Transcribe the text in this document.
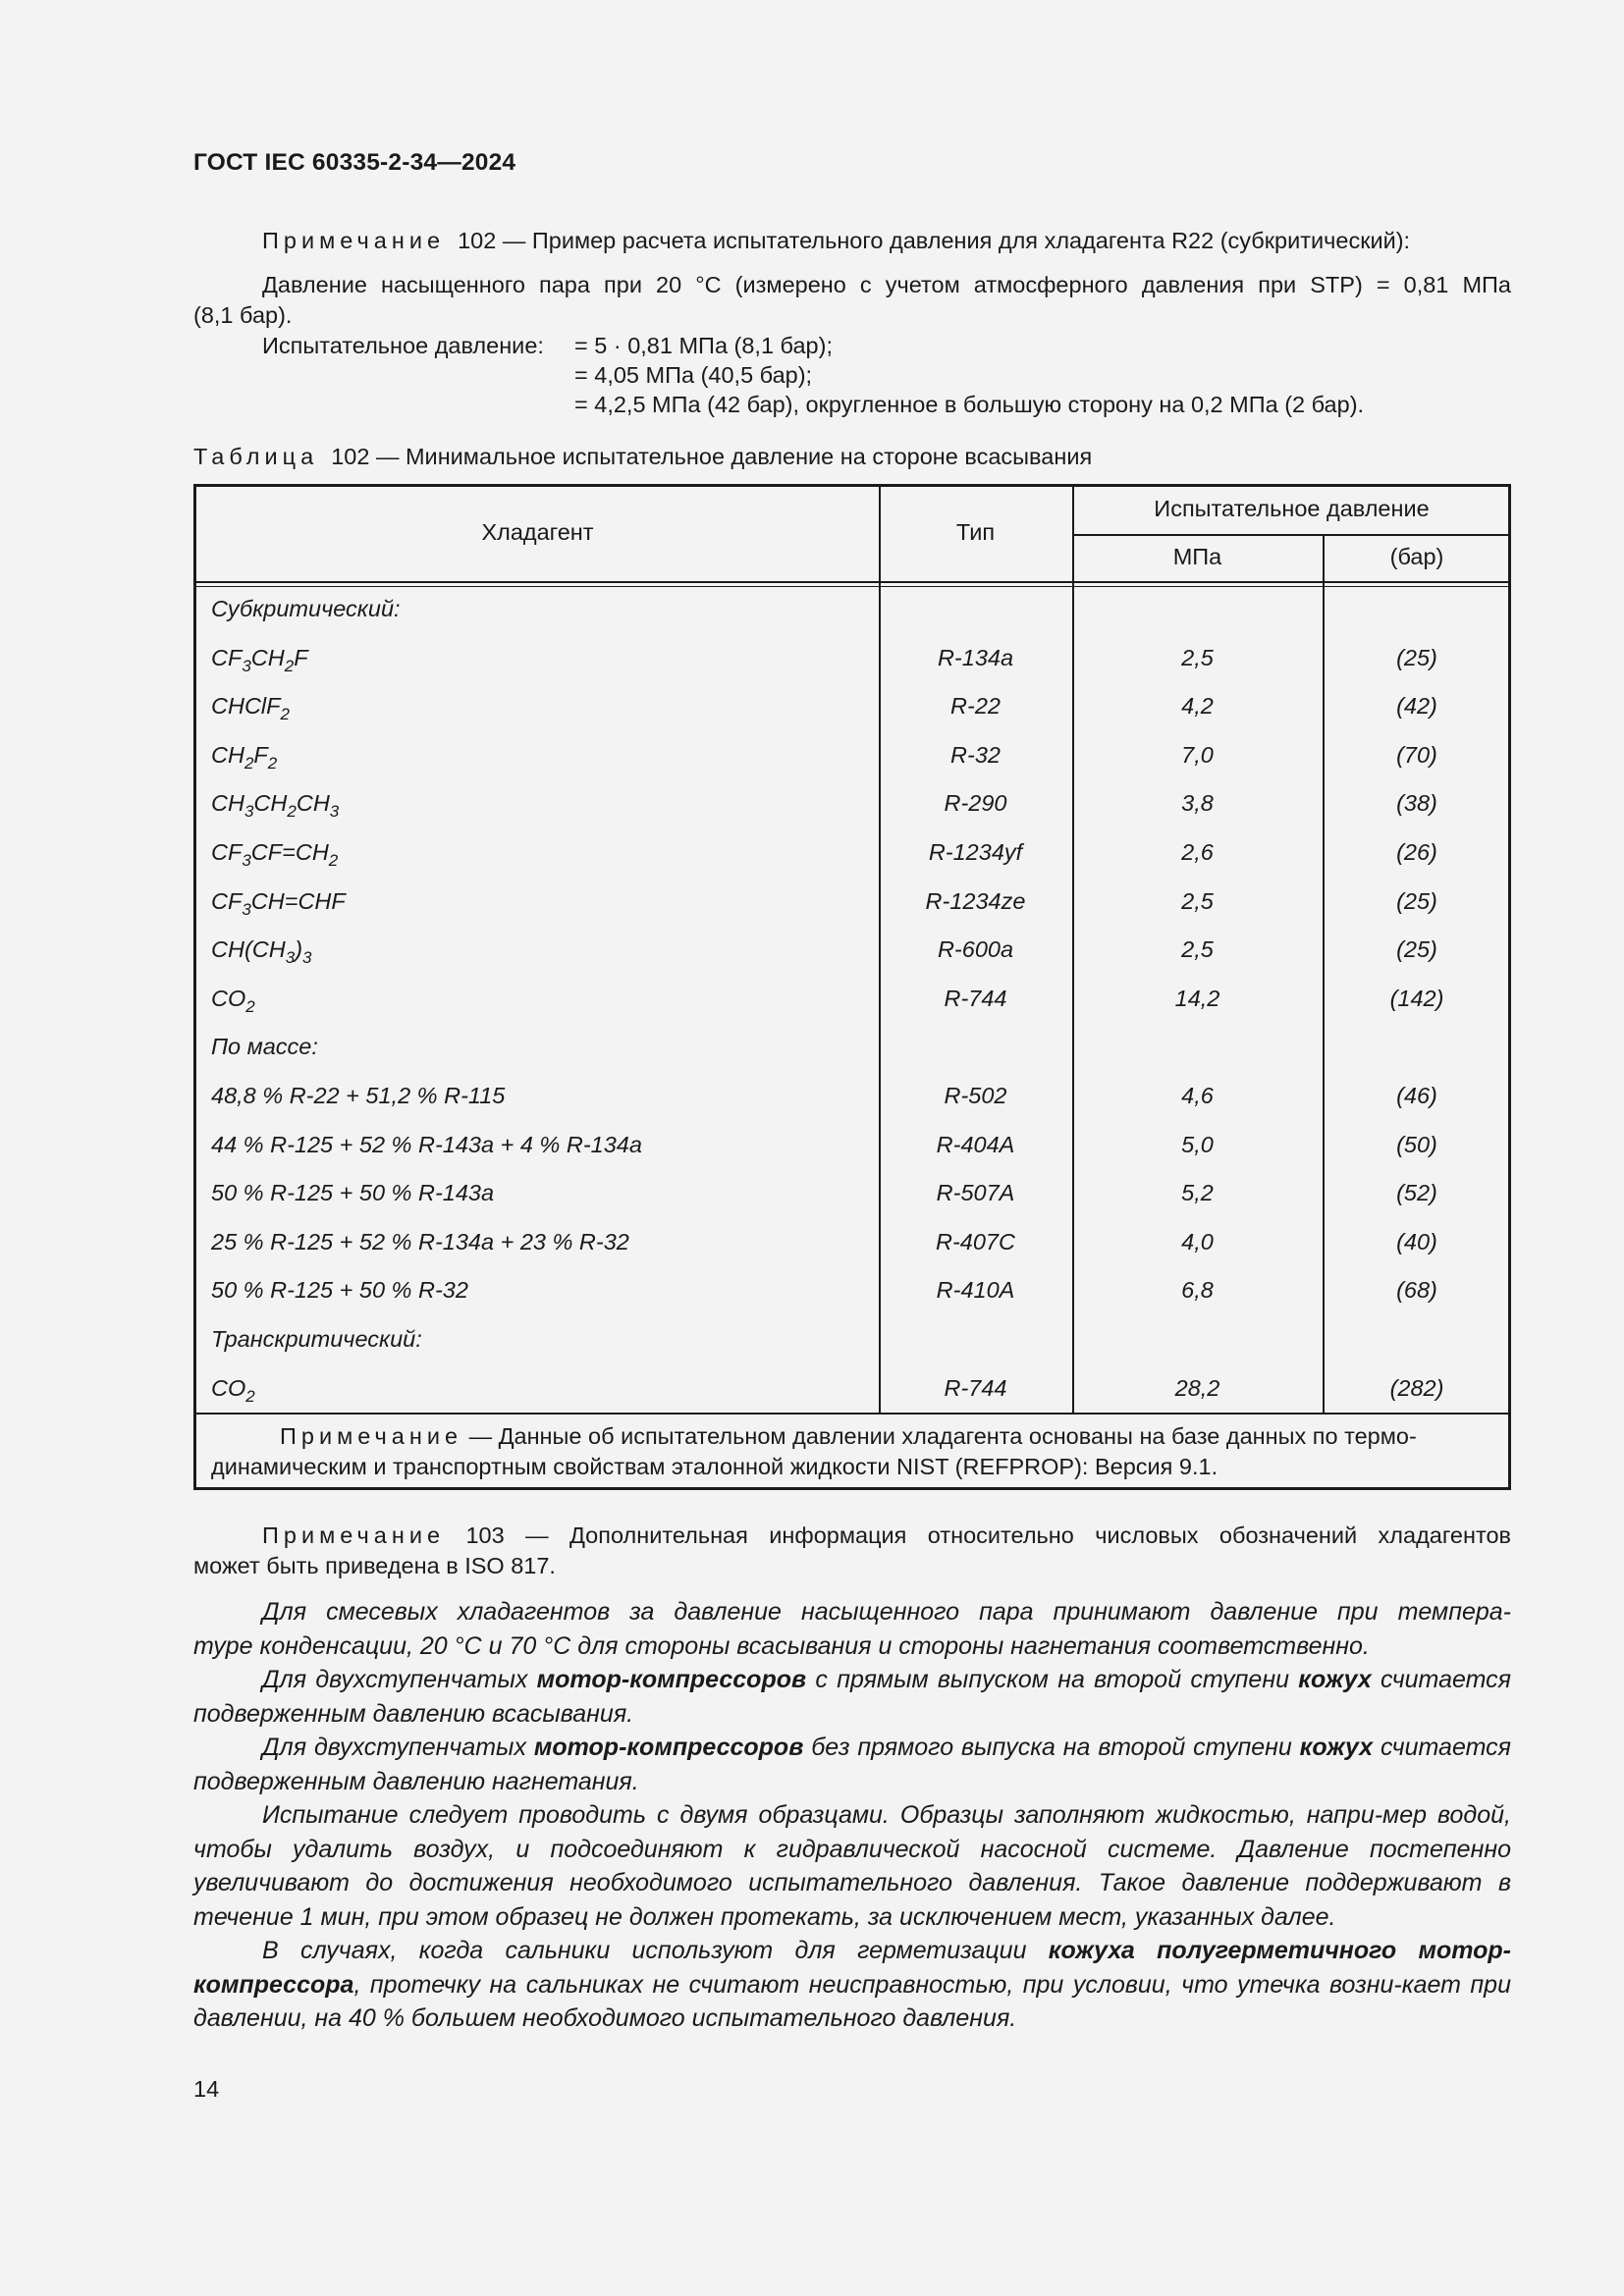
ГОСТ IEC 60335-2-34—2024
Примечание 102 — Пример расчета испытательного давления для хладагента R22 (субкритический):
Давление насыщенного пара при 20 °С (измерено с учетом атмосферного давления при STP) = 0,81 МПа
(8,1 бар).
Испытательное давление: = 5 · 0,81 МПа (8,1 бар);
= 4,05 МПа (40,5 бар);
= 4,2,5 МПа (42 бар), округленное в большую сторону на 0,2 МПа (2 бар).
Таблица 102 — Минимальное испытательное давление на стороне всасывания
Хладагент	Тип
Испытательное давление
МПа	(бар)
Субкритический:
$CF_3CH_2F$	R-134a	2,5	(25)
CHClF$_2$	R-22	4,2	(42)
$CH_2F_2$	R-32	7,0	(70)
$CH_3CH_2CH_3$	R-290	3,8	(38)
$CF_3CF=CH_2$	R-1234yf	2,6	(26)
$CF_3CH=CHF$	R-1234ze	2,5	(25)
$CH(CH_3)_3$	R-600a	2,5	(25)
$CO_2$	R-744	14,2	(142)
По массе:
48,8 % R-22 + 51,2 % R-115	R-502	4,6	(46)
44 % R-125 + 52 % R-143a + 4 % R-134a	R-404A	5,0	(50)
50 % R-125 + 50 % R-143a	R-507A	5,2	(52)
25 % R-125 + 52 % R-134a + 23 % R-32	R-407C	4,0	(40)
50 % R-125 + 50 % R-32	R-410A	6,8	(68)
Транскритический:
$CO_2$	R-744	28,2	(282)
Примечание — Данные об испытательном давлении хладагента основаны на базе данных по термо-
динамическим и транспортным свойствам эталонной жидкости NIST (REFPROP): Версия 9.1.
Примечание 103 — Дополнительная информация относительно числовых обозначений хладагентов
может быть приведена в ISO 817.

Для смесевых хладагентов за давление насыщенного пара принимают давление при темпера-

туре конденсации, 20 °С и 70 °С для стороны всасывания и стороны нагнетания соответственно.

Для двухступенчатых мотор-компрессоров с прямым выпуском на второй ступени кожух считается подверженным давлению всасывания.

Для двухступенчатых мотор-компрессоров без прямого выпуска на второй ступени кожух считается подверженным давлению нагнетания.

Испытание следует проводить с двумя образцами. Образцы заполняют жидкостью, напри-мер водой, чтобы удалить воздух, и подсоединяют к гидравлической насосной системе. Давление постепенно увеличивают до достижения необходимого испытательного давления. Такое давление поддерживают в течение 1 мин, при этом образец не должен протекать, за исключением мест, указанных далее.

В случаях, когда сальники используют для герметизации кожуха полугерметичного мотор-компрессора, протечку на сальниках не считают неисправностью, при условии, что утечка возни-кает при давлении, на 40 % большем необходимого испытательного давления.

14
